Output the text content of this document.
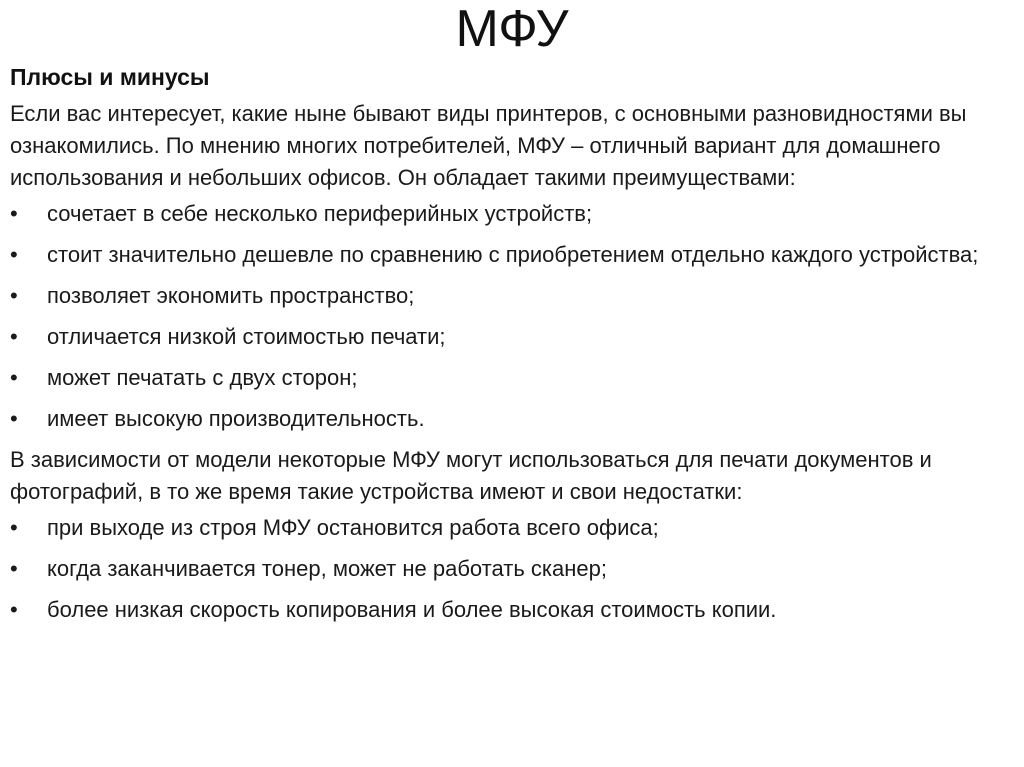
МФУ
Плюсы и минусы
Если вас интересует, какие ныне бывают виды принтеров, с основными разновидностями вы ознакомились. По мнению многих потребителей, МФУ – отличный вариант для домашнего использования и небольших офисов. Он обладает такими преимуществами:
•	сочетает в себе несколько периферийных устройств;
•	стоит значительно дешевле по сравнению с приобретением отдельно каждого устройства;
•	позволяет экономить пространство;
•	отличается низкой стоимостью печати;
•	может печатать с двух сторон;
•	имеет высокую производительность.
В зависимости от модели некоторые МФУ могут использоваться для печати документов и фотографий, в то же время такие устройства имеют и свои недостатки:
•	при выходе из строя МФУ остановится работа всего офиса;
•	когда заканчивается тонер, может не работать сканер;
•	более низкая скорость копирования и более высокая стоимость копии.
